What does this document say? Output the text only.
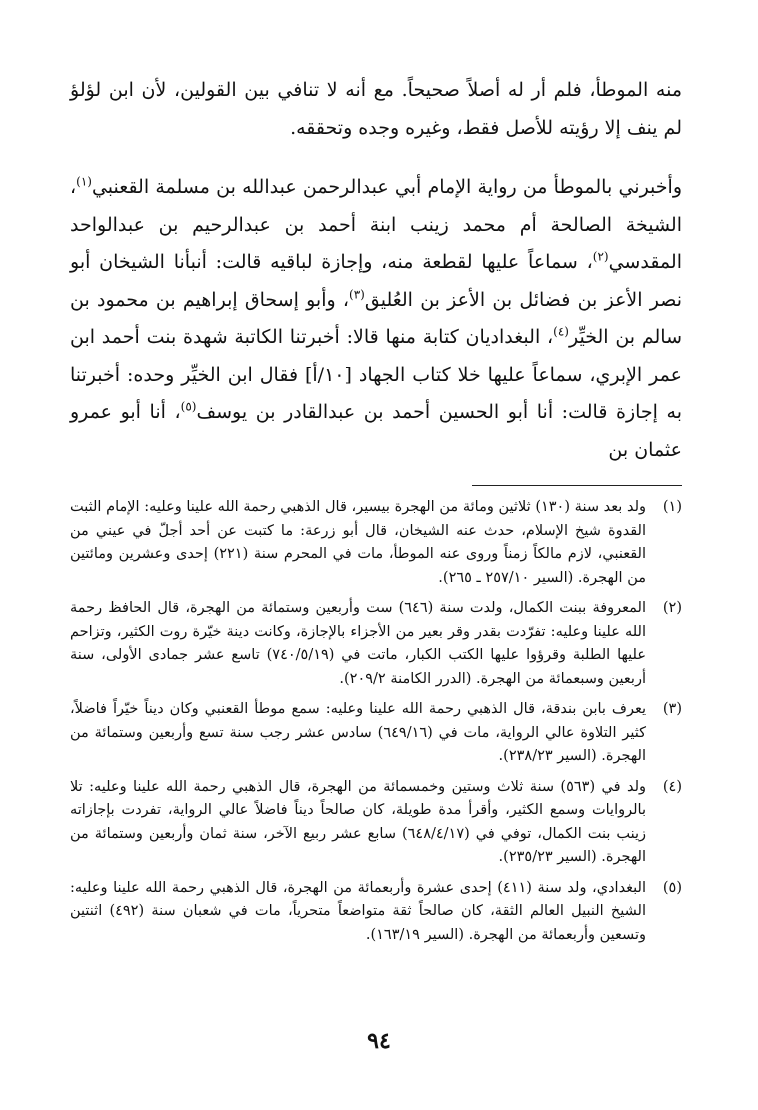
منه الموطأ، فلم أر له أصلاً صحيحاً. مع أنه لا تنافي بين القولين، لأن ابن لؤلؤ لم ينف إلا رؤيته للأصل فقط، وغيره وجده وتحققه.

وأخبرني بالموطأ من رواية الإمام أبي عبدالرحمن عبدالله بن مسلمة القعنبي$^{(١)}$، الشيخة الصالحة أم محمد زينب ابنة أحمد بن عبدالرحيم بن عبدالواحد المقدسي$^{(٢)}$، سماعاً عليها لقطعة منه، وإجازة لباقيه قالت: أنبأنا الشيخان أبو نصر الأعز بن فضائل بن الأعز بن العُليق$^{(٣)}$، وأبو إسحاق إبراهيم بن محمود بن سالم بن الخيِّر$^{(٤)}$، البغداديان كتابة منها قالا: أخبرتنا الكاتبة شهدة بنت أحمد ابن عمر الإبري، سماعاً عليها خلا كتاب الجهاد [١٠/أ] فقال ابن الخيِّر وحده: أخبرتنا به إجازة قالت: أنا أبو الحسين أحمد بن عبدالقادر بن يوسف$^{(٥)}$، أنا أبو عمرو عثمان بن

(١)
ولد بعد سنة (١٣٠) ثلاثين ومائة من الهجرة بيسير، قال الذهبي رحمة الله علينا وعليه: الإمام الثبت القدوة شيخ الإسلام، حدث عنه الشيخان، قال أبو زرعة: ما كتبت عن أحد أجلّ في عيني من القعنبي، لازم مالكاً زمناً وروى عنه الموطأ، مات في المحرم سنة (٢٢١) إحدى وعشرين ومائتين من الهجرة. (السير ٢٥٧/١٠ ـ ٢٦٥).
(٢)
المعروفة ببنت الكمال، ولدت سنة (٦٤٦) ست وأربعين وستمائة من الهجرة، قال الحافظ رحمة الله علينا وعليه: تفرّدت بقدر وقر بعير من الأجزاء بالإجازة، وكانت دينة خيّرة روت الكثير، وتزاحم عليها الطلبة وقرؤوا عليها الكتب الكبار، ماتت في (٧٤٠/٥/١٩) تاسع عشر جمادى الأولى، سنة أربعين وسبعمائة من الهجرة. (الدرر الكامنة ٢٠٩/٢).
(٣)
يعرف بابن بندقة، قال الذهبي رحمة الله علينا وعليه: سمع موطأ القعنبي وكان ديناً خيّراً فاضلاً، كثير التلاوة عالي الرواية، مات في (٦٤٩/١٦) سادس عشر رجب سنة تسع وأربعين وستمائة من الهجرة. (السير ٢٣٨/٢٣).
(٤)
ولد في (٥٦٣) سنة ثلاث وستين وخمسمائة من الهجرة، قال الذهبي رحمة الله علينا وعليه: تلا بالروايات وسمع الكثير، وأقرأ مدة طويلة، كان صالحاً ديناً فاضلاً عالي الرواية، تفردت بإجازاته زينب بنت الكمال، توفي في (٦٤٨/٤/١٧) سابع عشر ربيع الآخر، سنة ثمان وأربعين وستمائة من الهجرة. (السير ٢٣٥/٢٣).
(٥)
البغدادي، ولد سنة (٤١١) إحدى عشرة وأربعمائة من الهجرة، قال الذهبي رحمة الله علينا وعليه: الشيخ النبيل العالم الثقة، كان صالحاً ثقة متواضعاً متحرياً، مات في شعبان سنة (٤٩٢) اثنتين وتسعين وأربعمائة من الهجرة. (السير ١٦٣/١٩).
٩٤
